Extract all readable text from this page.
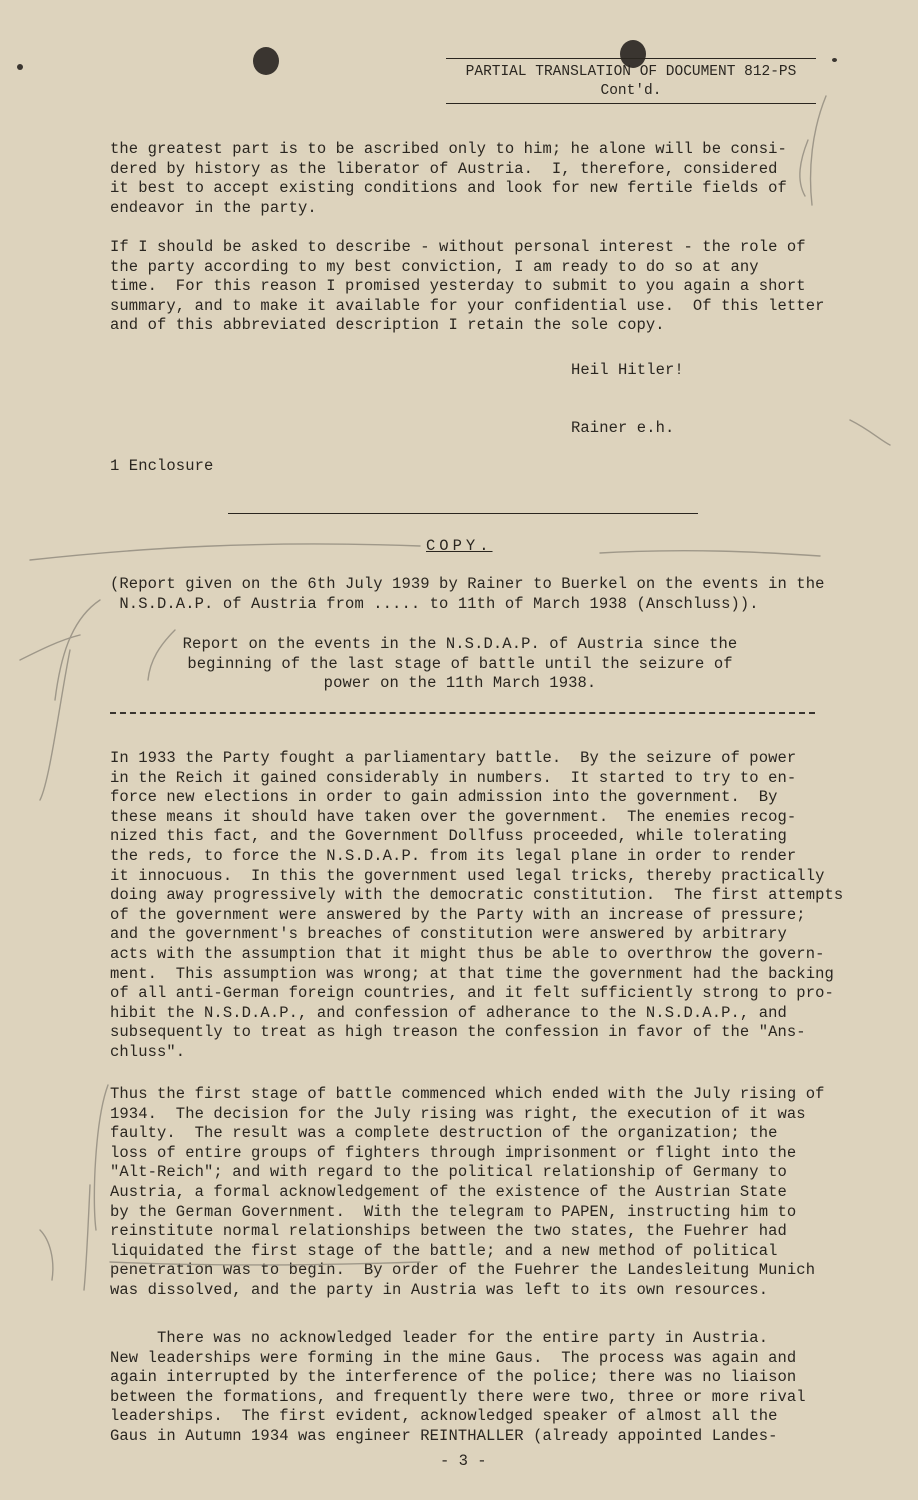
PARTIAL TRANSLATION OF DOCUMENT 812-PS
Cont'd.
the greatest part is to be ascribed only to him; he alone will be consi-
dered by history as the liberator of Austria.  I, therefore, considered
it best to accept existing conditions and look for new fertile fields of
endeavor in the party.
If I should be asked to describe - without personal interest - the role of
the party according to my best conviction, I am ready to do so at any
time.  For this reason I promised yesterday to submit to you again a short
summary, and to make it available for your confidential use.  Of this letter
and of this abbreviated description I retain the sole copy.
Heil Hitler!
Rainer e.h.
1 Enclosure
COPY.
(Report given on the 6th July 1939 by Rainer to Buerkel on the events in the
N.S.D.A.P. of Austria from ..... to 11th of March 1938 (Anschluss)).
Report on the events in the N.S.D.A.P. of Austria since the
beginning of the last stage of battle until the seizure of
power on the 11th March 1938.
In 1933 the Party fought a parliamentary battle.  By the seizure of power
in the Reich it gained considerably in numbers.  It started to try to en-
force new elections in order to gain admission into the government.  By
these means it should have taken over the government.  The enemies recog-
nized this fact, and the Government Dollfuss proceeded, while tolerating
the reds, to force the N.S.D.A.P. from its legal plane in order to render
it innocuous.  In this the government used legal tricks, thereby practically
doing away progressively with the democratic constitution.  The first attempts
of the government were answered by the Party with an increase of pressure;
and the government's breaches of constitution were answered by arbitrary
acts with the assumption that it might thus be able to overthrow the govern-
ment.  This assumption was wrong; at that time the government had the backing
of all anti-German foreign countries, and it felt sufficiently strong to pro-
hibit the N.S.D.A.P., and confession of adherance to the N.S.D.A.P., and
subsequently to treat as high treason the confession in favor of the "Ans-
chluss".
Thus the first stage of battle commenced which ended with the July rising of
1934.  The decision for the July rising was right, the execution of it was
faulty.  The result was a complete destruction of the organization; the
loss of entire groups of fighters through imprisonment or flight into the
"Alt-Reich"; and with regard to the political relationship of Germany to
Austria, a formal acknowledgement of the existence of the Austrian State
by the German Government.  With the telegram to PAPEN, instructing him to
reinstitute normal relationships between the two states, the Fuehrer had
liquidated the first stage of the battle; and a new method of political
penetration was to begin.  By order of the Fuehrer the Landesleitung Munich
was dissolved, and the party in Austria was left to its own resources.
There was no acknowledged leader for the entire party in Austria.
New leaderships were forming in the mine Gaus.  The process was again and
again interrupted by the interference of the police; there was no liaison
between the formations, and frequently there were two, three or more rival
leaderships.  The first evident, acknowledged speaker of almost all the
Gaus in Autumn 1934 was engineer REINTHALLER (already appointed Landes-
- 3 -
